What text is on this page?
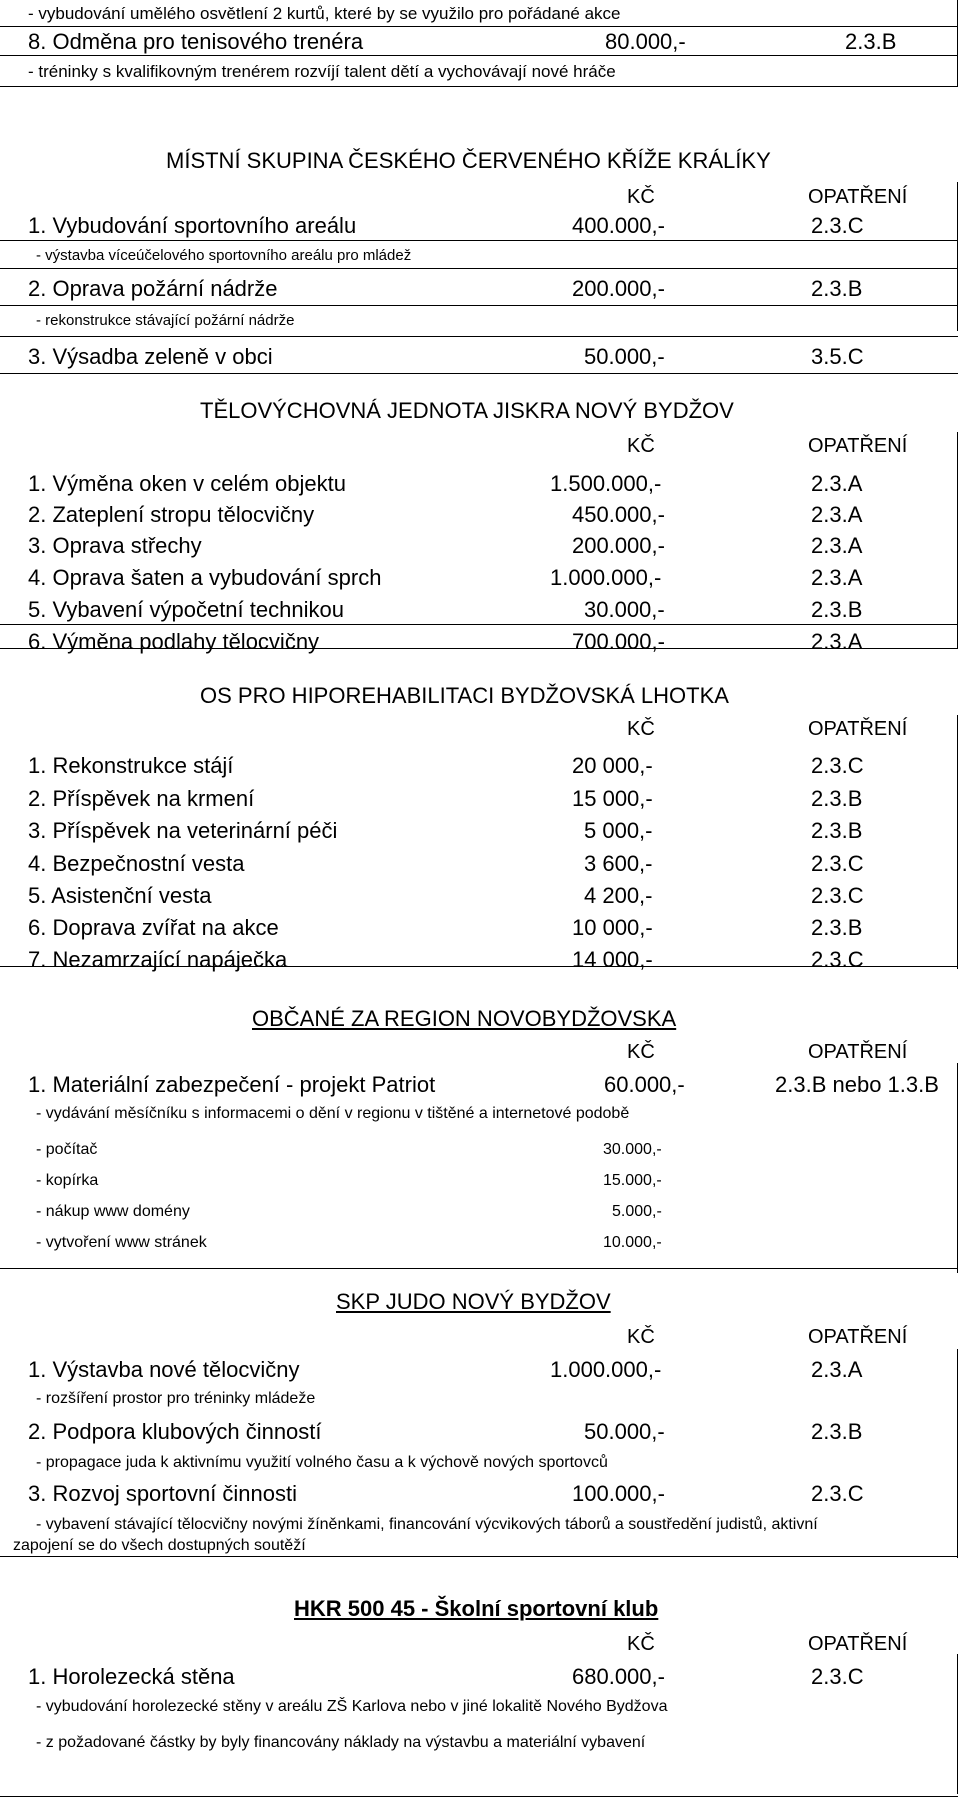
- vybudování umělého osvětlení 2 kurtů, které by se využilo pro pořádané akce
8. Odměna pro tenisového trenéra	80.000,-	2.3.B
- tréninky s kvalifikovným trenérem rozvíjí talent dětí a vychovávají nové hráče
MÍSTNÍ SKUPINA ČESKÉHO ČERVENÉHO KŘÍŽE KRÁLÍKY
KČ	OPATŘENÍ
1. Vybudování sportovního areálu	400.000,-	2.3.C
- výstavba víceúčelového sportovního areálu pro mládež
2. Oprava požární nádrže	200.000,-	2.3.B
- rekonstrukce stávající požární nádrže
3. Výsadba zeleně v obci	50.000,-	3.5.C
TĚLOVÝCHOVNÁ JEDNOTA JISKRA NOVÝ BYDŽOV
KČ	OPATŘENÍ
1. Výměna oken v celém objektu	1.500.000,-	2.3.A
2. Zateplení stropu tělocvičny	450.000,-	2.3.A
3. Oprava střechy	200.000,-	2.3.A
4. Oprava šaten a vybudování sprch	1.000.000,-	2.3.A
5. Vybavení výpočetní technikou	30.000,-	2.3.B
6. Výměna podlahy tělocvičny	700.000,-	2.3.A
OS PRO HIPOREHABILITACI BYDŽOVSKÁ LHOTKA
KČ	OPATŘENÍ
1. Rekonstrukce stájí	20 000,-	2.3.C
2. Příspěvek na krmení	15 000,-	2.3.B
3. Příspěvek na veterinární péči	5 000,-	2.3.B
4. Bezpečnostní vesta	3 600,-	2.3.C
5. Asistenční vesta	4 200,-	2.3.C
6. Doprava zvířat na akce	10 000,-	2.3.B
7. Nezamrzající napáječka	14 000,-	2.3.C
OBČANÉ ZA REGION NOVOBYDŽOVSKA
KČ	OPATŘENÍ
1. Materiální zabezpečení - projekt Patriot	60.000,-	2.3.B nebo 1.3.B
- vydávání měsíčníku s informacemi o dění v regionu v tištěné a internetové podobě
- počítač	30.000,-
- kopírka	15.000,-
- nákup www domény	5.000,-
- vytvoření www stránek	10.000,-
SKP JUDO NOVÝ BYDŽOV
KČ	OPATŘENÍ
1. Výstavba nové tělocvičny	1.000.000,-	2.3.A
- rozšíření prostor pro tréninky mládeže
2. Podpora klubových činností	50.000,-	2.3.B
- propagace juda k aktivnímu využití volného času a k výchově nových sportovců
3. Rozvoj sportovní činnosti	100.000,-	2.3.C
- vybavení stávající tělocvičny novými žíněnkami, financování výcvikových táborů a soustředění judistů, aktivní
zapojení se do všech dostupných soutěží
HKR 500 45 - Školní sportovní klub
KČ	OPATŘENÍ
1. Horolezecká stěna	680.000,-	2.3.C
- vybudování horolezecké stěny v areálu ZŠ Karlova nebo v jiné lokalitě Nového Bydžova
- z požadované částky by byly financovány náklady na výstavbu a materiální vybavení
